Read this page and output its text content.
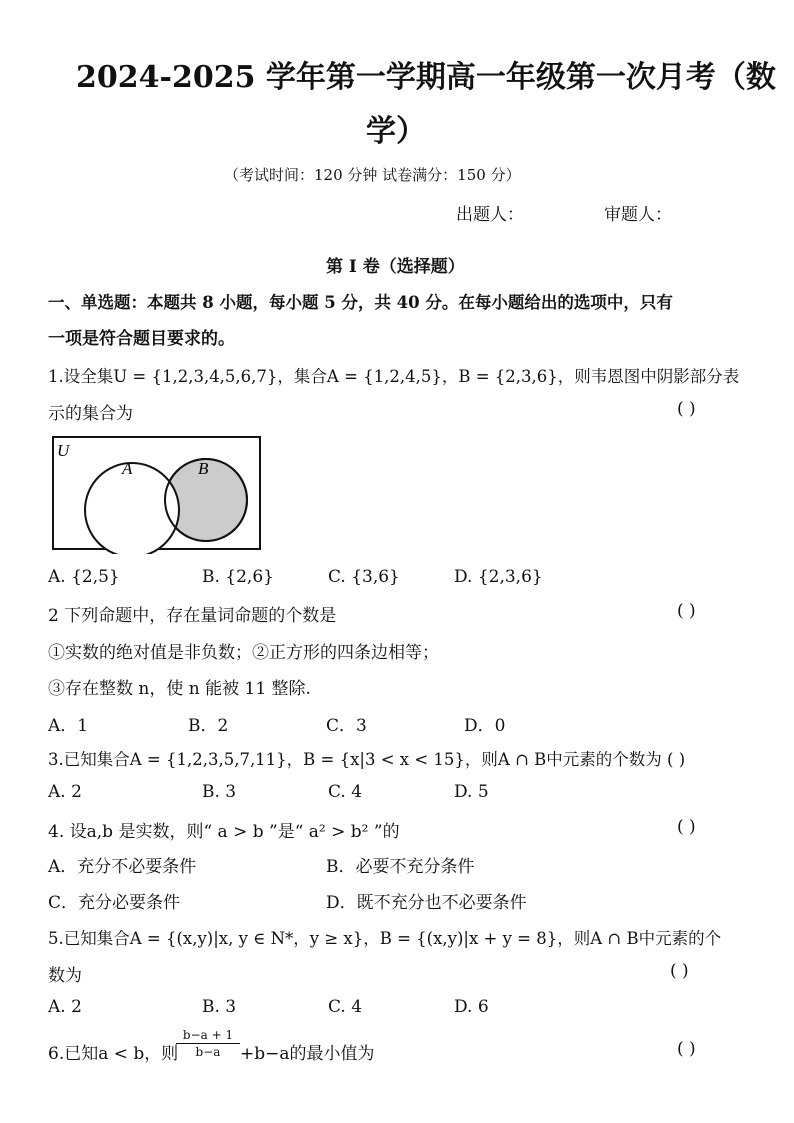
2024-2025 学年第一学期高一年级第一次月考（数
学）
（考试时间：120 分钟 试卷满分：150 分）
出题人：	审题人：
第 I 卷（选择题）
一、单选题：本题共 8 小题，每小题 5 分，共 40 分。在每小题给出的选项中，只有
一项是符合题目要求的。
1.设全集U = {1,2,3,4,5,6,7}，集合A = {1,2,4,5}，B = {2,3,6}，则韦恩图中阴影部分表
示的集合为	( )
U
A	B
A. {2,5}	B. {2,6}	C. {3,6}	D. {2,3,6}
2 下列命题中，存在量词命题的个数是	( )
①实数的绝对值是非负数；②正方形的四条边相等；
③存在整数 n，使 n 能被 11 整除.
A．1	B．2	C．3	D．0
3.已知集合A = {1,2,3,5,7,11}，B = {x|3 < x < 15}，则A ∩ B中元素的个数为 ( )
A. 2	B. 3	C. 4	D. 5
4. 设a,b 是实数，则“ a > b ”是“ a² > b² ”的	( )
A．充分不必要条件	B．必要不充分条件
C．充分必要条件	D．既不充分也不必要条件
5.已知集合A = {(x,y)|x, y ∈ N*，y ≥ x}，B = {(x,y)|x + y = 8}，则A ∩ B中元素的个
数为	( )
A. 2	B. 3	C. 4	D. 6
6.已知a < b，则
$\frac{b-a + 1}{b-a} +b-a$的最小值为	( )
